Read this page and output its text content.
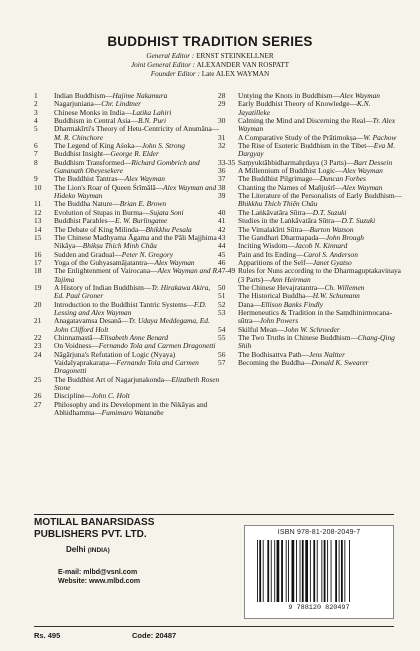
BUDDHIST TRADITION SERIES
General Editor : ERNST STEINKELLNER
Joint General Editor : ALEXANDER VAN ROSPATT
Founder Editor : Late ALEX WAYMAN
1	Indian Buddhism—Hajime Nakamura
2	Nagarjuniana—Chr. Lindtner
3	Chinese Monks in India—Latika Lahiri
4	Buddhism in Central Asia—B.N. Puri
5	Dharmakīrti's Theory of Hetu-Centricity of Anumāna—M. R. Chinchore
6	The Legend of King Aśoka—John S. Strong
7	Buddhist Insight—George R. Elder
8	Buddhism Transformed—Richard Gombrich and Gananath Obeyesekere
9	The Buddhist Tantras—Alex Wayman
10	The Lion's Roar of Queen Śrīmālā—Alex Wayman and Hideko Wayman
11	The Buddha Nature—Brian E. Brown
12	Evolution of Stupas in Burma—Sujata Soni
13	Buddhist Parables—E. W. Burlingame
14	The Debate of King Milinda—Bhikkhu Pesala
15	The Chinese Madhyama Āgama and the Pāli Majjhima Nikāya—Bhikṣu Thích Minh Châu
16	Sudden and Gradual—Peter N. Gregory
17	Yoga of the Guhyasamājatantra—Alex Wayman
18	The Enlightenment of Vairocana—Alex Wayman and R. Tajima
19	A History of Indian Buddhism—Tr. Hirakawa Akira, Ed. Paul Groner
20	Introduction to the Buddhist Tantric Systems—F.D. Lessing and Alex Wayman
21	Anagatavamsa Desanā—Tr. Udaya Meddegama, Ed. John Clifford Holt
22	Chinnamastā—Elisabeth Anne Benard
23	On Voidness—Fernando Tola and Carmen Dragonetti
24	Nāgārjuna's Refutation of Logic (Nyaya) Vaidalyaprakaraṇa—Fernando Tola and Carmen Dragonetti
25	The Buddhist Art of Nagarjunakonda—Elizabeth Rosen Stone
26	Discipline—John C. Holt
27	Philosophy and its Development in the Nikāyas and Abhidhamma—Fumimaro Watanabe
28	Untying the Knots in Buddhism—Alex Wayman
29	Early Buddhist Theory of Knowledge—K.N. Jayatilleke
30	Calming the Mind and Discerning the Real—Tr. Alex Wayman
31	A Comparative Study of the Prātimokṣa—W. Pachow
32	The Rise of Esoteric Buddhism in the Tibet—Eva M. Dargyay
33-35 Saṃyuktābhidharmahṛdaya (3 Parts)—Bart Dessein
36	A Millennium of Buddhist Logic—Alex Wayman
37	The Buddhist Pilgrimage—Duncan Forbes
38	Chanting the Names of Mañjuśrī—Alex Wayman
39	The Literature of the Personalists of Early Buddhism—Bhikkhu Thích Thiên Châu
40	The Laṅkāvatāra Sūtra—D.T. Suzuki
41	Studies in the Laṅkāvatāra Sūtra—D.T. Suzuki
42	The Vimalakīrti Sūtra—Burton Watson
43	The Gandhari Dharmapada—John Brough
44	Inciting Wisdom—Jacob N. Kinnard
45	Pain and Its Ending—Carol S. Anderson
46	Apparitions of the Self—Janet Gyatso
47-49 Rules for Nuns according to the Dharmaguptakavinaya (3 Parts)—Ann Heirman
50	The Chinese Hevajratantra—Ch. Willemen
51	The Historical Buddha—H.W. Schumann
52	Dana—Ellison Banks Findly
53	Hermeneutics & Tradition in the Saṃdhinirmocana-sūtra—John Powers
54	Skilful Mean—John W. Schroeder
55	The Two Truths in Chinese Buddhism—Chang-Qing Shih
56	The Bodhisattva Path—Jens Naltter
57	Becoming the Buddha—Donald K. Swearer
MOTILAL BANARSIDASS
PUBLISHERS PVT. LTD.
Delhi (INDIA)
E-mail: mlbd@vsnl.com
Website: www.mlbd.com
ISBN 978-81-208-2049-7
9 788120 820497
Rs. 495	Code: 20487
